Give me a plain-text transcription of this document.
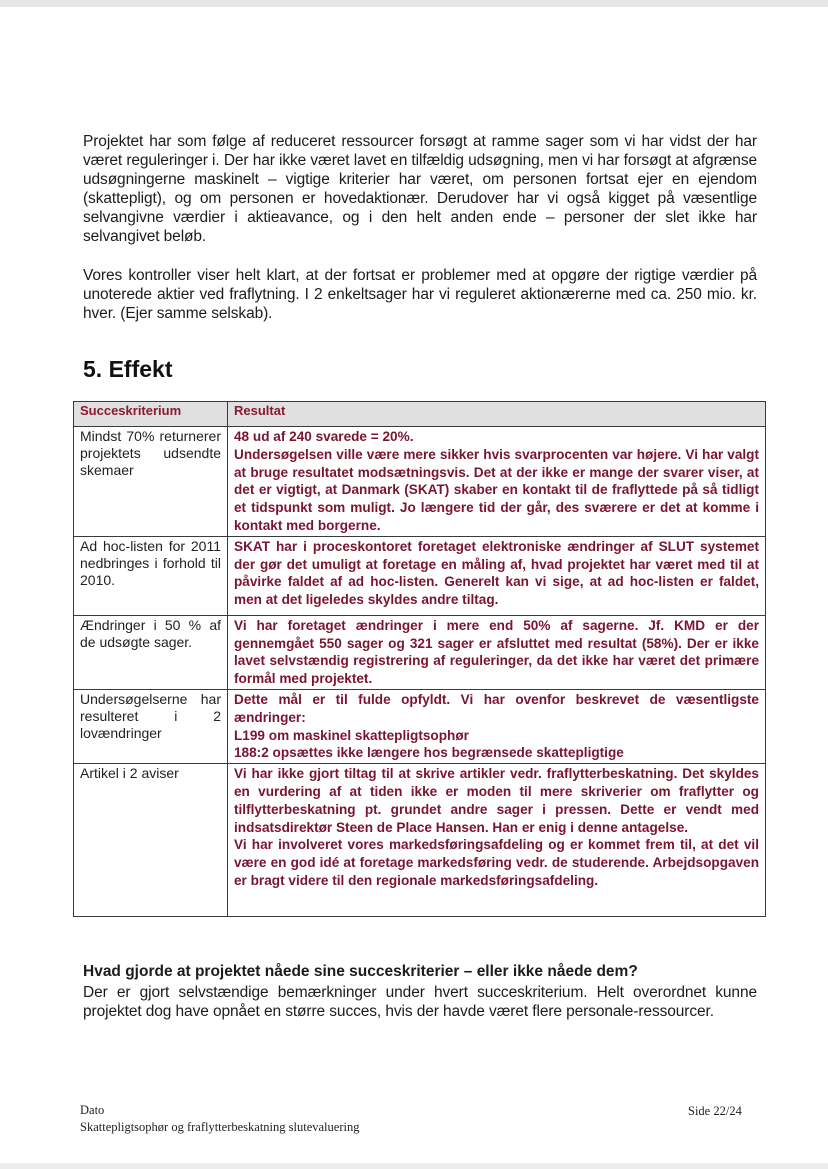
Projektet har som følge af reduceret ressourcer forsøgt at ramme sager som vi har vidst der har været reguleringer i. Der har ikke været lavet en tilfældig udsøgning, men vi har forsøgt at afgrænse udsøgningerne maskinelt – vigtige kriterier har været, om personen fortsat ejer en ejendom (skattepligt), og om personen er hovedaktionær. Derudover har vi også kigget på væsentlige selvangivne værdier i aktieavance, og i den helt anden ende – personer der slet ikke har selvangivet beløb.

Vores kontroller viser helt klart, at der fortsat er problemer med at opgøre der rigtige værdier på unoterede aktier ved fraflytning. I 2 enkeltsager har vi reguleret aktionærerne med ca. 250 mio. kr. hver. (Ejer samme selskab).

5. Effekt
Succeskriterium	Resultat
Mindst 70% returnerer projektets udsendte skemaer	48 ud af 240 svarede = 20%.
Undersøgelsen ville være mere sikker hvis svarprocenten var højere. Vi har valgt at bruge resultatet modsætningsvis. Det at der ikke er mange der svarer viser, at det er vigtigt, at Danmark (SKAT) skaber en kontakt til de fraflyttede på så tidligt et tidspunkt som muligt. Jo længere tid der går, des sværere er det at komme i kontakt med borgerne.

Ad hoc-listen for 2011 nedbringes i forhold til 2010.	SKAT har i proceskontoret foretaget elektroniske ændringer af SLUT systemet der gør det umuligt at foretage en måling af, hvad projektet har været med til at påvirke faldet af ad hoc-listen. Generelt kan vi sige, at ad hoc-listen er faldet, men at det ligeledes skyldes andre tiltag.

Ændringer i 50 % af de udsøgte sager.	Vi har foretaget ændringer i mere end 50% af sagerne. Jf. KMD er der gennemgået 550 sager og 321 sager er afsluttet med resultat (58%). Der er ikke lavet selvstændig registrering af reguleringer, da det ikke har været det primære formål med projektet.

Undersøgelserne har resulteret i 2 lovændringer	Dette mål er til fulde opfyldt. Vi har ovenfor beskrevet de væsentligste ændringer:
L199 om maskinel skattepligtsophør
188:2 opsættes ikke længere hos begrænsede skattepligtige

Artikel i 2 aviser	Vi har ikke gjort tiltag til at skrive artikler vedr. fraflytterbeskatning. Det skyldes en vurdering af at tiden ikke er moden til mere skriverier om fraflytter og tilflytterbeskatning pt. grundet andre sager i pressen. Dette er vendt med indsatsdirektør Steen de Place Hansen. Han er enig i denne antagelse.
Vi har involveret vores markedsføringsafdeling og er kommet frem til, at det vil være en god idé at foretage markedsføring vedr. de studerende. Arbejdsopgaven er bragt videre til den regionale markedsføringsafdeling.
Hvad gjorde at projektet nåede sine succeskriterier – eller ikke nåede dem?

Der er gjort selvstændige bemærkninger under hvert succeskriterium. Helt overordnet kunne projektet dog have opnået en større succes, hvis der havde været flere personale-ressourcer.

Dato
Skattepligtsophør og fraflytterbeskatning slutevaluering
Side 22/24
